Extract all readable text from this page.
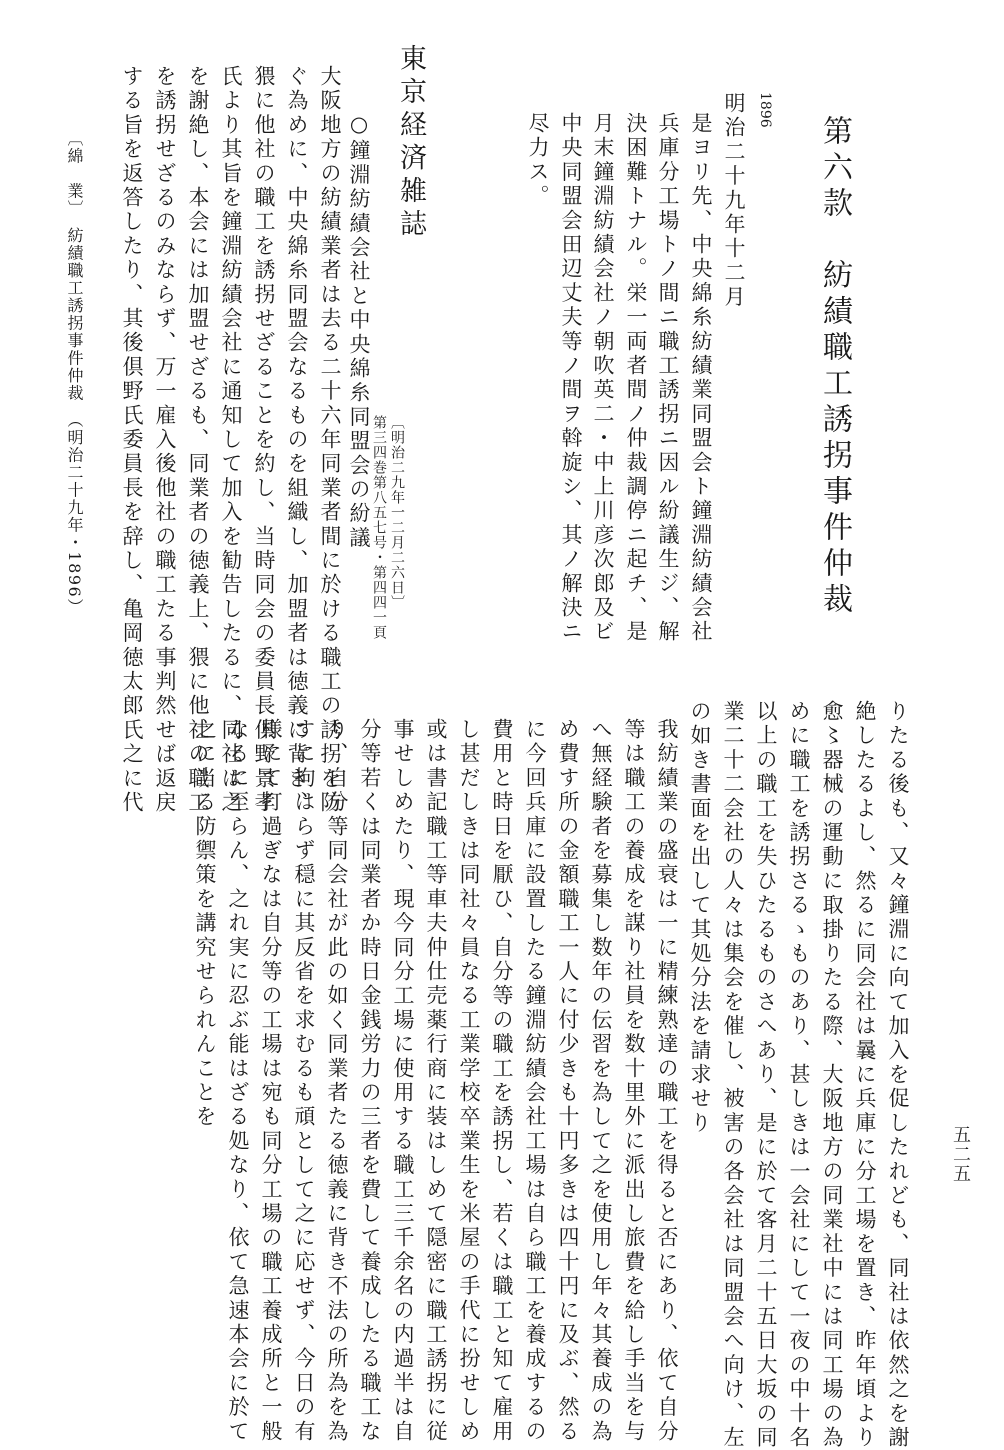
第六款　紡績職工誘拐事件仲裁
1896
明治二十九年十二月
是ヨリ先、中央綿糸紡績業同盟会ト鐘淵紡績会社
兵庫分工場トノ間ニ職工誘拐ニ因ル紛議生ジ、解
決困難トナル。栄一両者間ノ仲裁調停ニ起チ、是
月末鐘淵紡績会社ノ朝吹英二・中上川彦次郎及ビ
中央同盟会田辺丈夫等ノ間ヲ斡旋シ、其ノ解決ニ
尽力ス。
東京経済雑誌
第三四巻第八五七号・第四四一頁 〔明治二九年一二月二六日〕
○鐘淵紡績会社と中央綿糸同盟会の紛議
大阪地方の紡績業者は去る二十六年同業者間に於ける職工の誘拐を防
ぐ為めに、中央綿糸同盟会なるものを組織し、加盟者は徳義に背き、
猥に他社の職工を誘拐せざることを約し、当時同会の委員長倶野景孝
氏より其旨を鐘淵紡績会社に通知して加入を勧告したるに、同社は之
を謝絶し、本会には加盟せざるも、同業者の徳義上、猥に他社の職工
を誘拐せざるのみならず、万一雇入後他社の職工たる事判然せば返戻
する旨を返答したり、其後倶野氏委員長を辞し、亀岡徳太郎氏之に代
〔綿　業〕　紡績職工誘拐事件仲裁　（明治二十九年・1896）
りたる後も、又々鐘淵に向て加入を促したれども、同社は依然之を謝
絶したるよし、然るに同会社は曩に兵庫に分工場を置き、昨年頃より
愈〻器械の運動に取掛りたる際、大阪地方の同業社中には同工場の為
めに職工を誘拐さるゝものあり、甚しきは一会社にして一夜の中十名
以上の職工を失ひたるものさへあり、是に於て客月二十五日大坂の同
業二十二会社の人々は集会を催し、被害の各会社は同盟会へ向け、左
の如き書面を出して其処分法を請求せり
我紡績業の盛衰は一に精練熟達の職工を得ると否にあり、依て自分
等は職工の養成を謀り社員を数十里外に派出し旅費を給し手当を与
へ無経験者を募集し数年の伝習を為して之を使用し年々其養成の為
め費す所の金額職工一人に付少きも十円多きは四十円に及ぶ、然る
に今回兵庫に設置したる鐘淵紡績会社工場は自ら職工を養成するの
費用と時日を厭ひ、自分等の職工を誘拐し、若くは職工と知て雇用
し甚だしきは同社々員なる工業学校卒業生を米屋の手代に扮せしめ
或は書記職工等車夫仲仕売薬行商に装はしめて隠密に職工誘拐に従
事せしめたり、現今同分工場に使用する職工三千余名の内過半は自
分等若くは同業者か時日金銭労力の三者を費して養成したる職工な
り、自分等同会社が此の如く同業者たる徳義に背き不法の所為を為
すに拘はらず穏に其反省を求むるも頑として之に応せず、今日の有
様にて打過ぎなは自分等の工場は宛も同分工場の職工養成所と一般
なるに至らん、之れ実に忍ぶ能はざる処なり、依て急速本会に於て
之に当る防禦策を講究せられんことを
五二五
